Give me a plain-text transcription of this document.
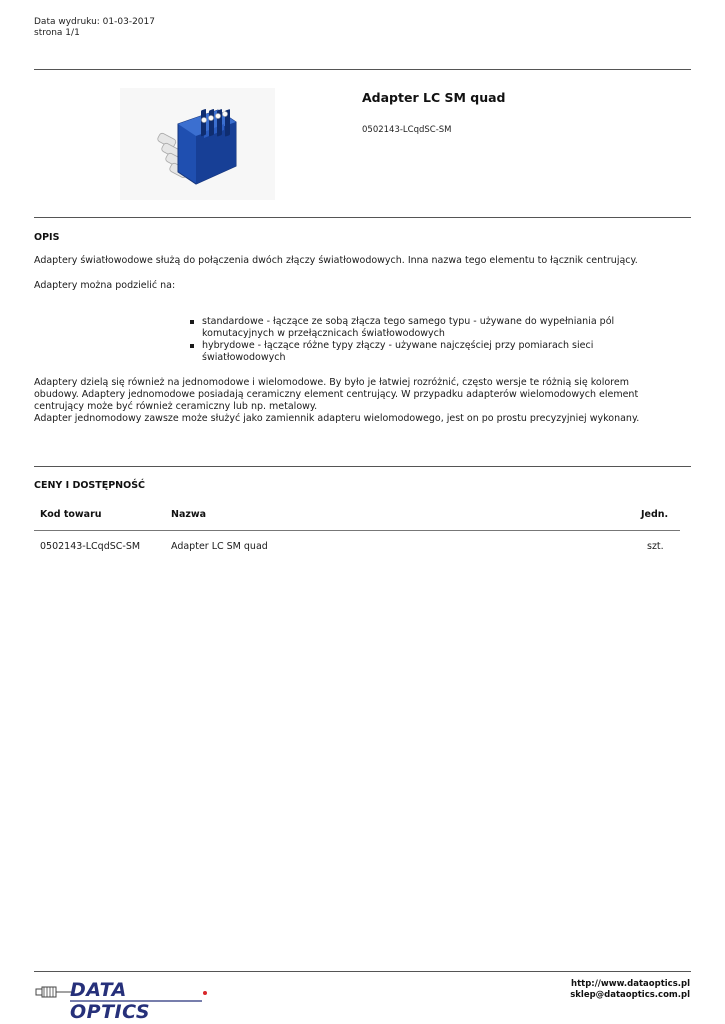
Data wydruku: 01-03-2017
strona 1/1
Adapter LC SM quad
0502143-LCqdSC-SM
OPIS
Adaptery światłowodowe służą do połączenia dwóch złączy światłowodowych. Inna nazwa tego elementu to łącznik centrujący.
Adaptery można podzielić na:
standardowe - łączące ze sobą złącza tego samego typu - używane do wypełniania pól komutacyjnych w przełącznicach światłowodowych
hybrydowe - łączące różne typy złączy - używane najczęściej przy pomiarach sieci światłowodowych
Adaptery dzielą się również na jednomodowe i wielomodowe. By było je łatwiej rozróżnić, często wersje te różnią się kolorem obudowy. Adaptery jednomodowe posiadają ceramiczny element centrujący. W przypadku adapterów wielomodowych element centrujący może być również ceramiczny lub np. metalowy.
Adapter jednomodowy zawsze może służyć jako zamiennik adapteru wielomodowego, jest on po prostu precyzyjniej wykonany.
CENY I DOSTĘPNOŚĆ
Kod towaru	Nazwa	Jedn.
0502143-LCqdSC-SM	Adapter LC SM quad	szt.
DATA OPTICS
http://www.dataoptics.pl
sklep@dataoptics.com.pl
